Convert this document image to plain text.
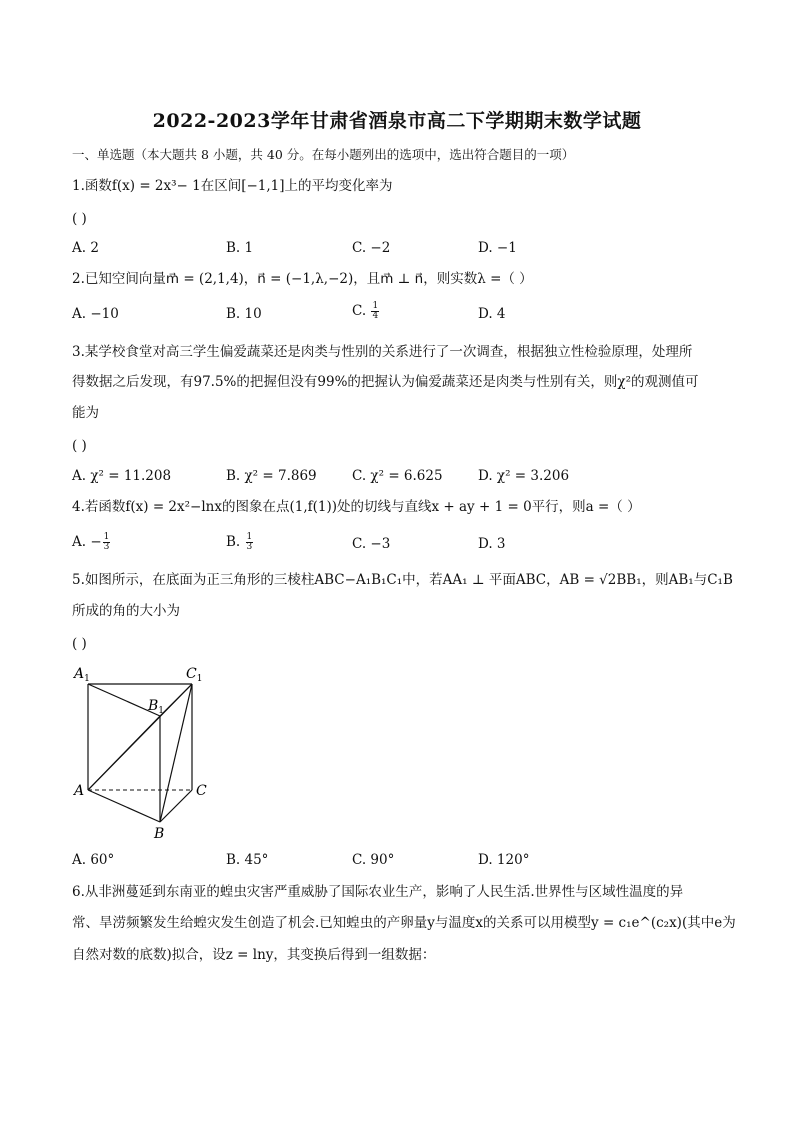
2022-2023学年甘肃省酒泉市高二下学期期末数学试题
一、单选题（本大题共 8 小题，共 40 分。在每小题列出的选项中，选出符合题目的一项）
1.函数f(x) = 2x³− 1在区间[−1,1]上的平均变化率为
( )
A. 2	B. 1	C. −2	D. −1
2.已知空间向量m⃗ = (2,1,4)，n⃗ = (−1,λ,−2)，且m⃗ ⊥ n⃗，则实数λ =（ ）
A. −10	B. 10	C. $\frac{1}{4}$	D. 4
3.某学校食堂对高三学生偏爱蔬菜还是肉类与性别的关系进行了一次调查，根据独立性检验原理，处理所
得数据之后发现，有97.5%的把握但没有99%的把握认为偏爱蔬菜还是肉类与性别有关，则χ²的观测值可
能为
( )
A. χ² = 11.208	B. χ² = 7.869	C. χ² = 6.625	D. χ² = 3.206
4.若函数f(x) = 2x²−lnx的图象在点(1,f(1))处的切线与直线x + ay + 1 = 0平行，则a =（ ）
A. − $\frac{1}{3}$	B. $\frac{1}{3}$	C. −3	D. 3
5.如图所示，在底面为正三角形的三棱柱ABC−A₁B₁C₁中，若AA₁ ⊥ 平面ABC，AB = √2BB₁，则AB₁与C₁B
所成的角的大小为
( )
$A_1$	$C_1$
$B_1$
A	C
B
A. 60°	B. 45°	C. 90°	D. 120°
6.从非洲蔓延到东南亚的蝗虫灾害严重威胁了国际农业生产，影响了人民生活.世界性与区域性温度的异
常、旱涝频繁发生给蝗灾发生创造了机会.已知蝗虫的产卵量y与温度x的关系可以用模型y = c₁e^(c₂x)(其中e为
自然对数的底数)拟合，设z = lny，其变换后得到一组数据：
